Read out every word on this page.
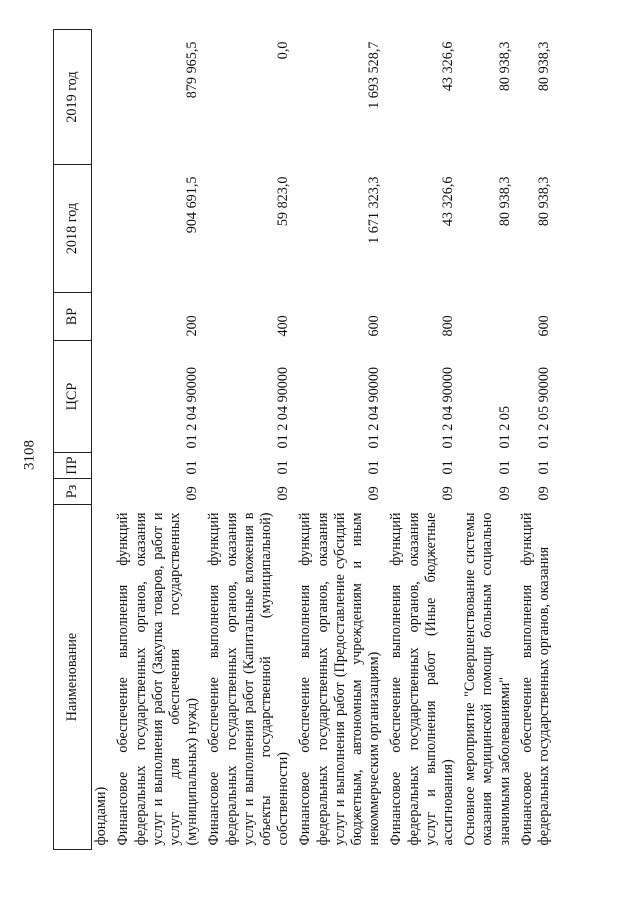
3108
Наименование	Рз	ПР	ЦСР	ВР	2018 год	2019 год
фондами)						
Финансовое обеспечение выполнения функций федеральных государственных органов, оказания услуг и выполнения работ (Закупка товаров, работ и услуг для обеспечения государственных (муниципальных) нужд)	09	01	01 2 04 90000	200	904 691,5	879 965,5
Финансовое обеспечение выполнения функций федеральных государственных органов, оказания услуг и выполнения работ (Капитальные вложения в объекты государственной (муниципальной) собственности)	09	01	01 2 04 90000	400	59 823,0	0,0
Финансовое обеспечение выполнения функций федеральных государственных органов, оказания услуг и выполнения работ (Предоставление субсидий бюджетным, автономным учреждениям и иным некоммерческим организациям)	09	01	01 2 04 90000	600	1 671 323,3	1 693 528,7
Финансовое обеспечение выполнения функций федеральных государственных органов, оказания услуг и выполнения работ (Иные бюджетные ассигнования)	09	01	01 2 04 90000	800	43 326,6	43 326,6
Основное мероприятие "Совершенствование системы оказания медицинской помощи больным социально значимыми заболеваниями"	09	01	01 2 05		80 938,3	80 938,3
Финансовое обеспечение выполнения функций федеральных государственных органов, оказания	09	01	01 2 05 90000	600	80 938,3	80 938,3
